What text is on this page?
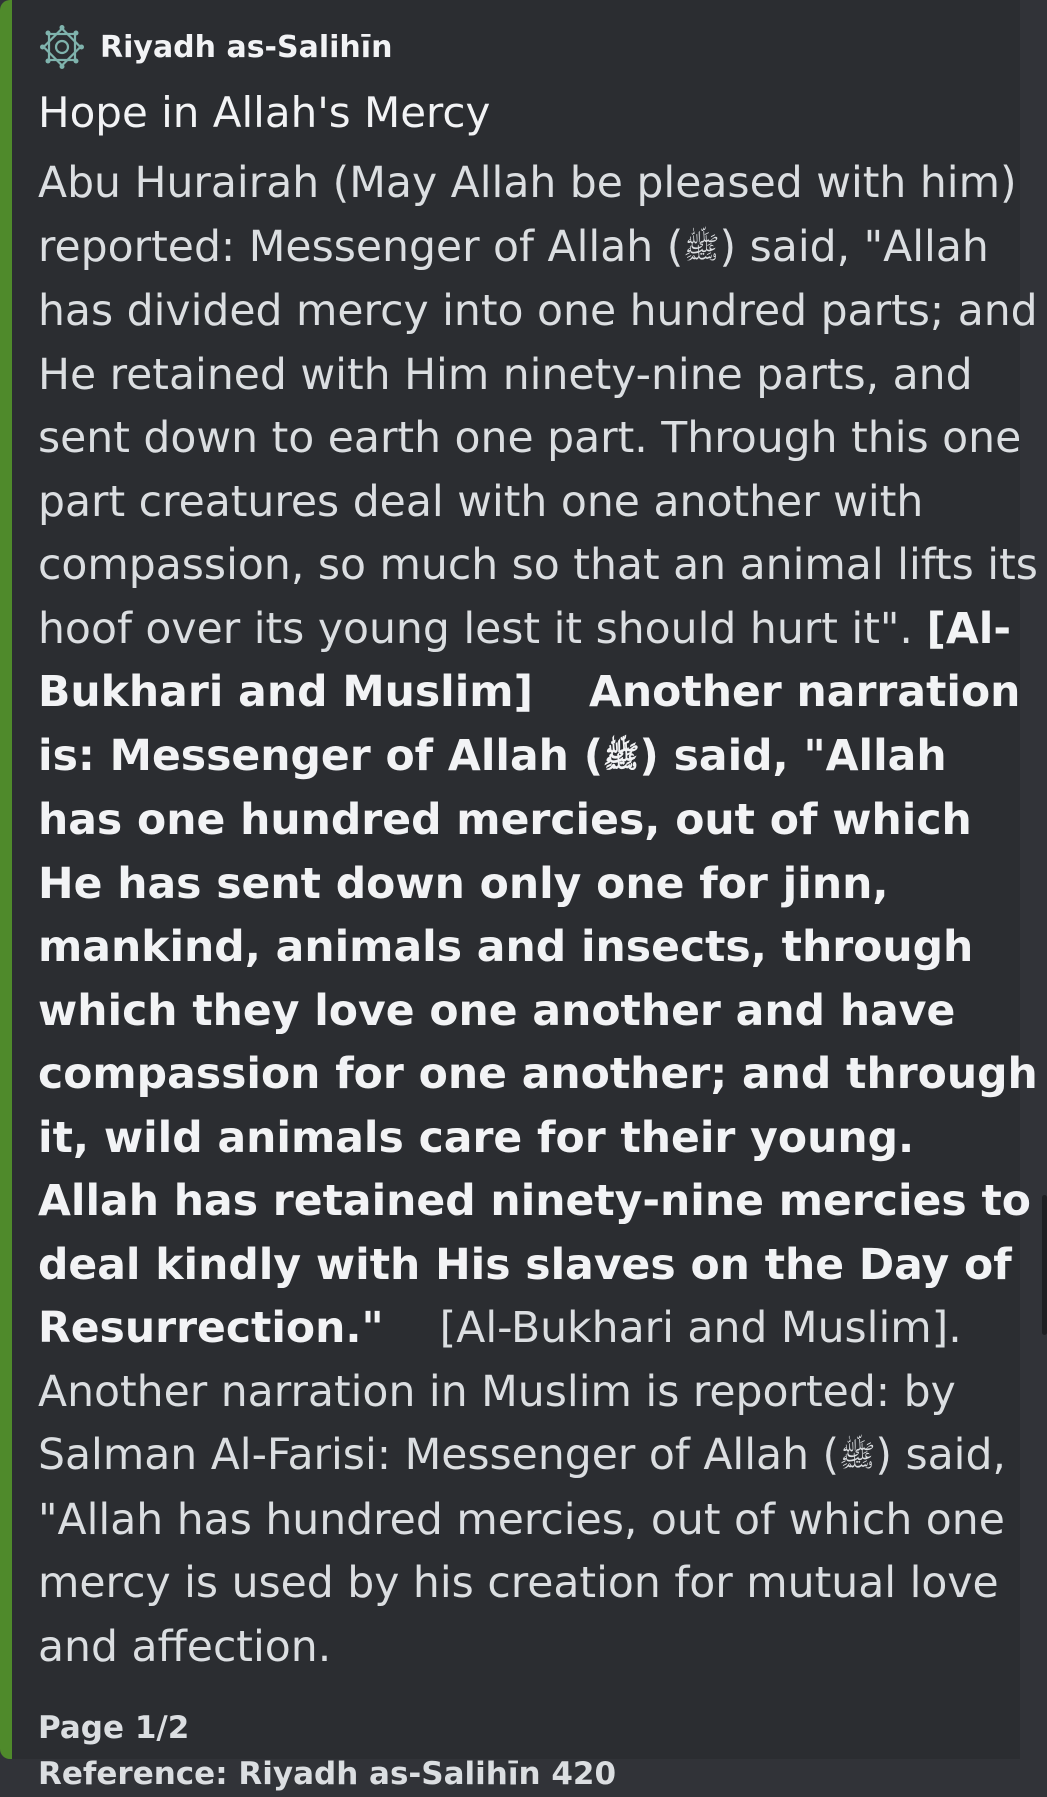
Riyadh as-Salihīn
Hope in Allah's Mercy
Abu Hurairah (May Allah be pleased with him) reported: Messenger of Allah (ﷺ) said, "Allah has divided mercy into one hundred parts; and He retained with Him ninety-nine parts, and sent down to earth one part. Through this one part creatures deal with one another with compassion, so much so that an animal lifts its hoof over its young lest it should hurt it". [Al-Bukhari and Muslim] Another narration is: Messenger of Allah (ﷺ) said, "Allah has one hundred mercies, out of which He has sent down only one for jinn, mankind, animals and insects, through which they love one another and have compassion for one another; and through it, wild animals care for their young. Allah has retained ninety-nine mercies to deal kindly with His slaves on the Day of Resurrection." [Al-Bukhari and Muslim].Another narration in Muslim is reported: by Salman Al-Farisi: Messenger of Allah (ﷺ) said, "Allah has hundred mercies, out of which one mercy is used by his creation for mutual love and affection.
Page 1/2
Reference: Riyadh as-Salihīn 420
